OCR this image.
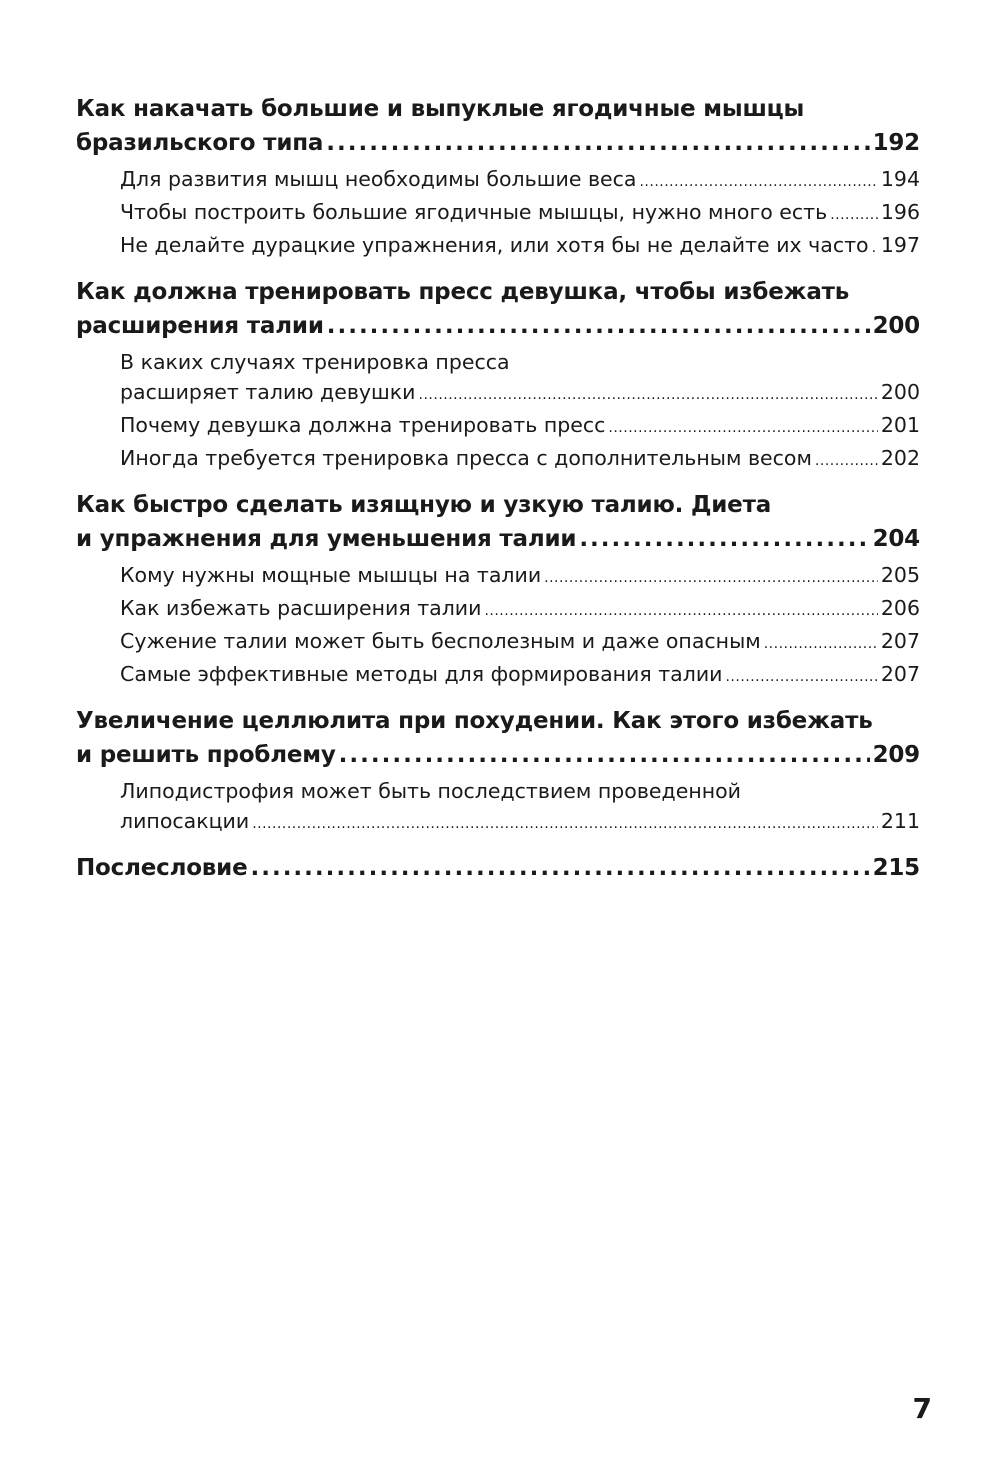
Как накачать большие и выпуклые ягодичные мышцы
бразильского типа .....	192
Для развития мышц необходимы большие веса .....	194
Чтобы построить большие ягодичные мышцы, нужно много есть .....	196
Не делайте дурацкие упражнения, или хотя бы не делайте их часто ..... 197
Как должна тренировать пресс девушка, чтобы избежать
расширения талии .....	200
В каких случаях тренировка пресса
расширяет талию девушки .....	200
Почему девушка должна тренировать пресс .....	201
Иногда требуется тренировка пресса с дополнительным весом .....	202
Как быстро сделать изящную и узкую талию. Диета
и упражнения для уменьшения талии .....	204
Кому нужны мощные мышцы на талии .....	205
Как избежать расширения талии .....	206
Сужение талии может быть бесполезным и даже опасным .....	207
Самые эффективные методы для формирования талии .....	207
Увеличение целлюлита при похудении. Как этого избежать
и решить проблему .....	209
Липодистрофия может быть последствием проведенной
липосакции .....	211
Послесловие .....	215
7
